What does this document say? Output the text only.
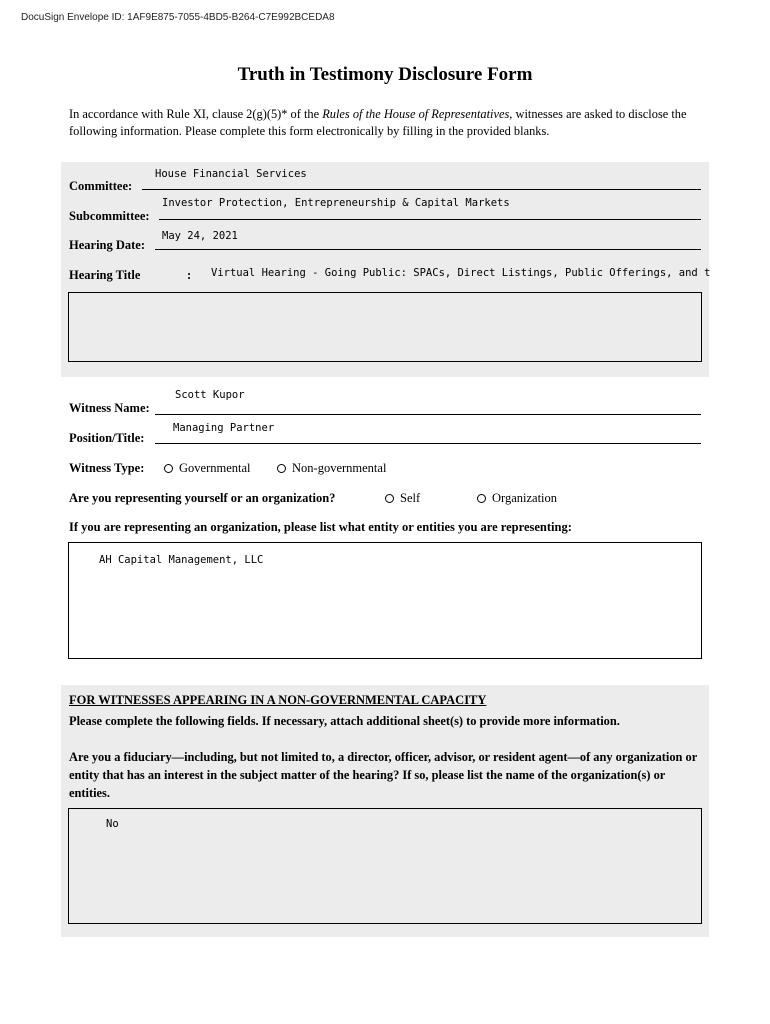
DocuSign Envelope ID: 1AF9E875-7055-4BD5-B264-C7E992BCEDA8
Truth in Testimony Disclosure Form
In accordance with Rule XI, clause 2(g)(5)* of the Rules of the House of Representatives, witnesses are asked to disclose the following information. Please complete this form electronically by filling in the provided blanks.
Committee:
House Financial Services
Subcommittee:
Investor Protection, Entrepreneurship & Capital Markets
Hearing Date:
May 24, 2021
Hearing Title	: Virtual Hearing - Going Public: SPACs, Direct Listings, Public Offerings, and t
Witness Name:
Scott Kupor
Position/Title:
Managing Partner
Witness Type:	Governmental	Non-governmental
Are you representing yourself or an organization?	Self	Organization
If you are representing an organization, please list what entity or entities you are representing:
AH Capital Management, LLC
FOR WITNESSES APPEARING IN A NON-GOVERNMENTAL CAPACITY
Please complete the following fields. If necessary, attach additional sheet(s) to provide more information.
Are you a fiduciary—including, but not limited to, a director, officer, advisor, or resident agent—of any organization or entity that has an interest in the subject matter of the hearing? If so, please list the name of the organization(s) or entities.
No
